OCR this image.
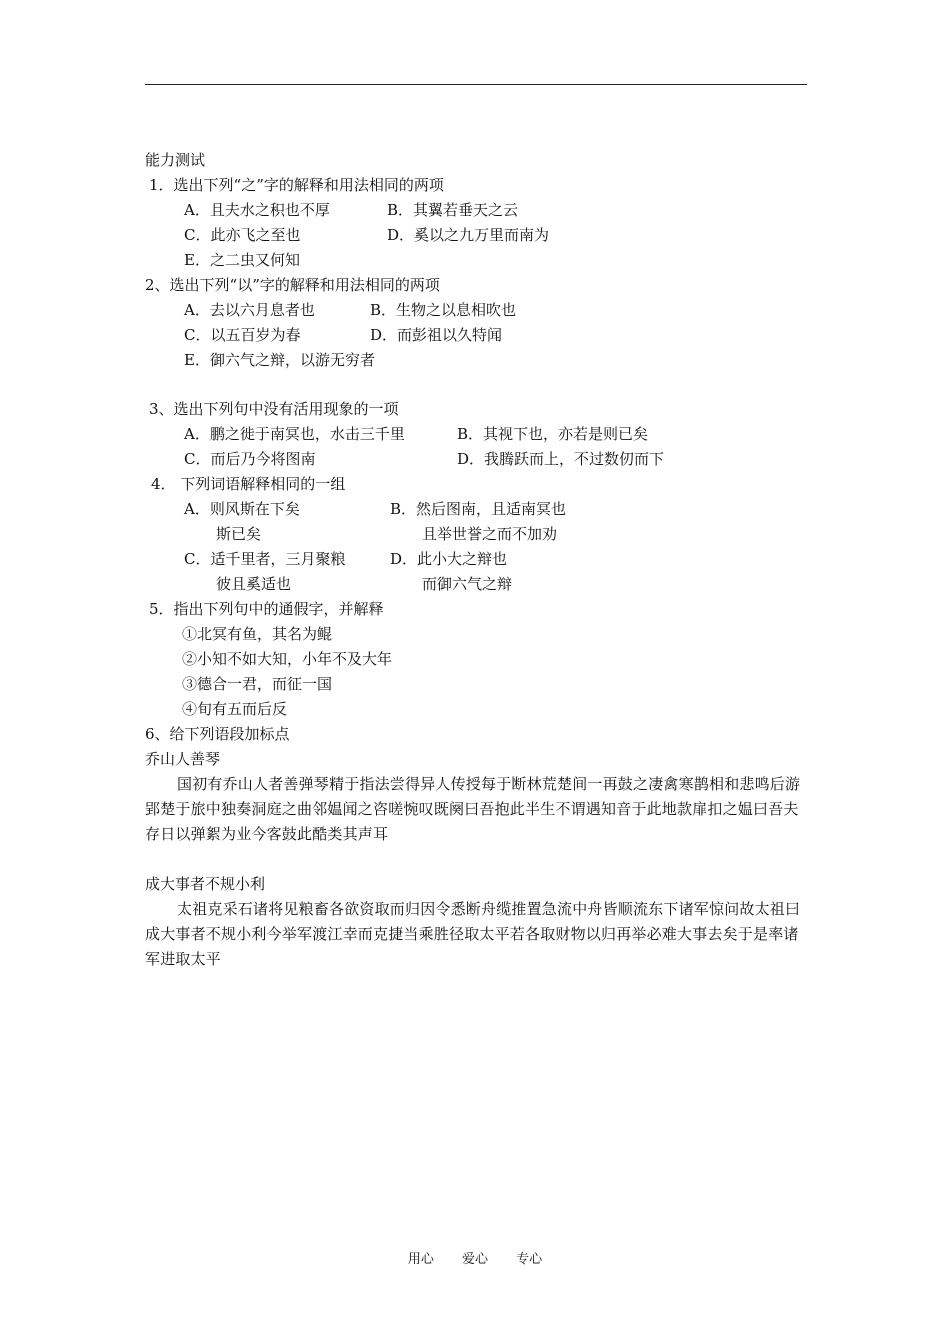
能力测试
1．选出下列“之”字的解释和用法相同的两项
A．且夫水之积也不厚	B．其翼若垂天之云
C．此亦飞之至也	D．奚以之九万里而南为
E．之二虫又何知
2、选出下列“以”字的解释和用法相同的两项
A．去以六月息者也	B．生物之以息相吹也
C．以五百岁为春	D．而彭祖以久特闻
E．御六气之辩，以游无穷者
3、选出下列句中没有活用现象的一项
A．鹏之徙于南冥也，水击三千里	B．其视下也，亦若是则已矣
C．而后乃今将图南	D．我腾跃而上，不过数仞而下
4． 下列词语解释相同的一组
A．则风斯在下矣	B．然后图南，且适南冥也
斯已矣	且举世誉之而不加劝
C．适千里者，三月聚粮	D．此小大之辩也
彼且奚适也	而御六气之辩
5．指出下列句中的通假字，并解释
①北冥有鱼，其名为鲲
②小知不如大知，小年不及大年
③德合一君，而征一国
④旬有五而后反
6、给下列语段加标点
乔山人善琴
国初有乔山人者善弹琴精于指法尝得异人传授每于断林荒楚间一再鼓之凄禽寒鹊相和悲鸣后游郢楚于旅中独奏洞庭之曲邻媪闻之咨嗟惋叹既阕曰吾抱此半生不谓遇知音于此地款扉扣之媪曰吾夫存日以弹絮为业今客鼓此酷类其声耳
成大事者不规小利
太祖克采石诸将见粮畜各欲资取而归因令悉断舟缆推置急流中舟皆顺流东下诸军惊问故太祖曰成大事者不规小利今举军渡江幸而克捷当乘胜径取太平若各取财物以归再举必难大事去矣于是率诸军进取太平
用心 爱心 专心
